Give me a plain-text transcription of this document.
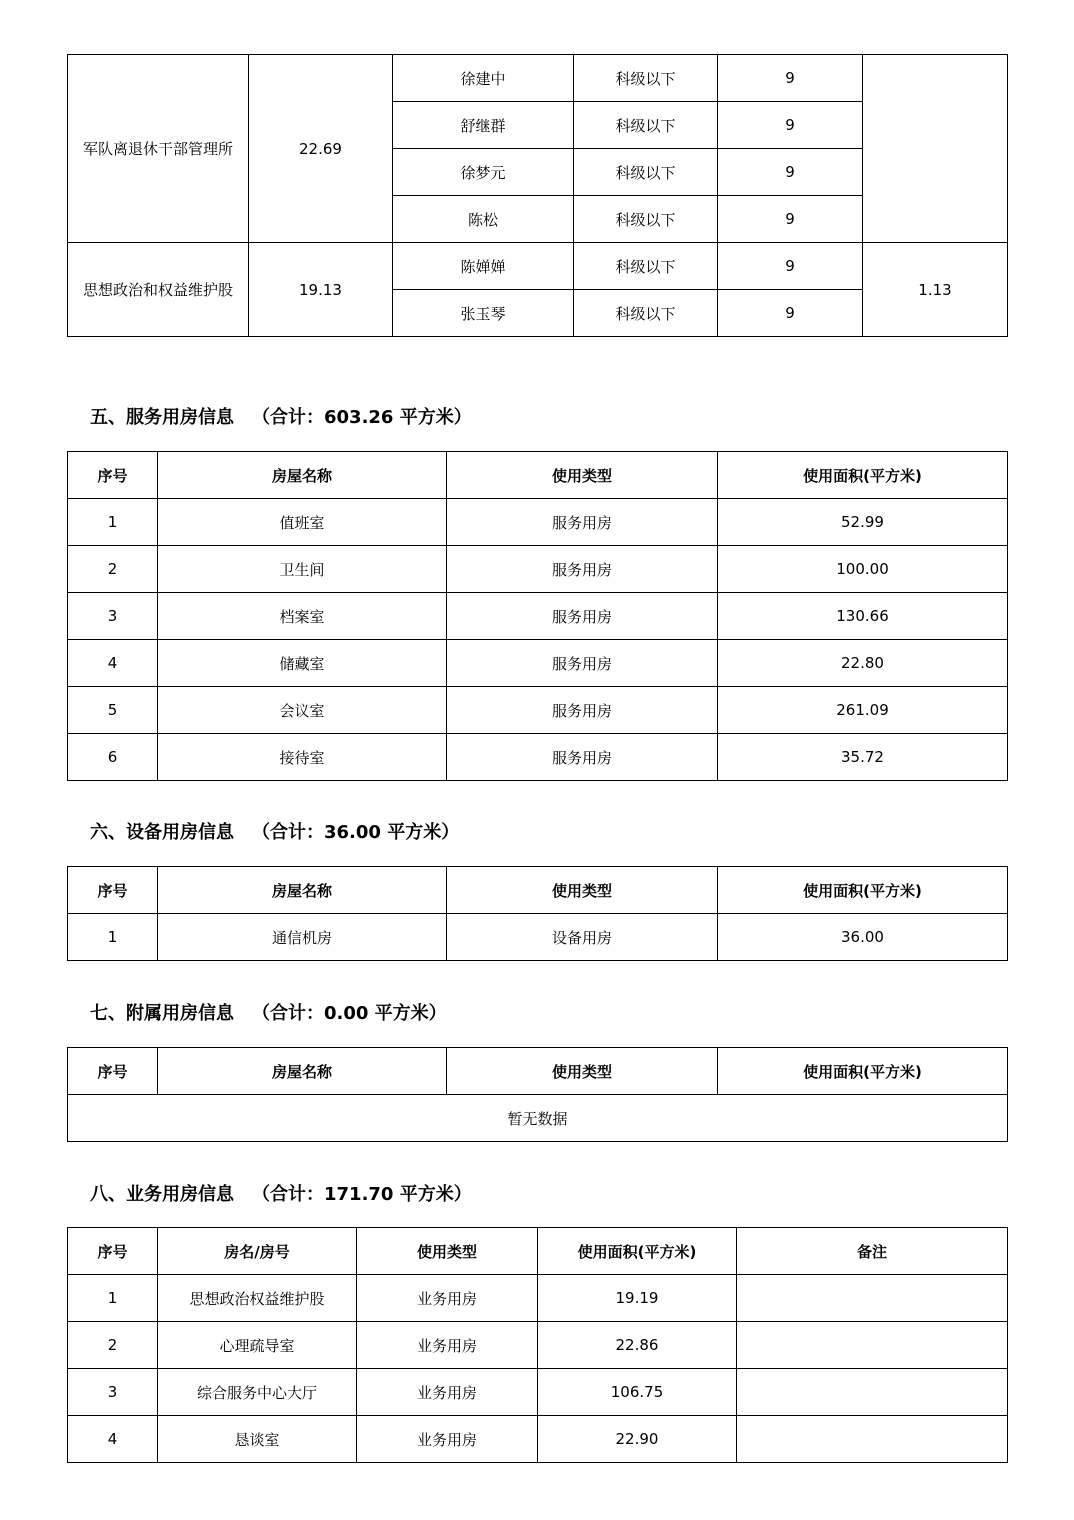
军队离退休干部管理所	22.69	徐建中	科级以下	9	
		舒继群	科级以下	9	
		徐梦元	科级以下	9	
		陈松	科级以下	9	
思想政治和权益维护股	19.13	陈婵婵	科级以下	9	1.13
		张玉琴	科级以下	9	
五、服务用房信息 （合计：603.26 平方米）
序号	房屋名称	使用类型	使用面积(平方米)
1	值班室	服务用房	52.99
2	卫生间	服务用房	100.00
3	档案室	服务用房	130.66
4	储藏室	服务用房	22.80
5	会议室	服务用房	261.09
6	接待室	服务用房	35.72
六、设备用房信息 （合计：36.00 平方米）
序号	房屋名称	使用类型	使用面积(平方米)
1	通信机房	设备用房	36.00
七、附属用房信息 （合计：0.00 平方米）
序号	房屋名称	使用类型	使用面积(平方米)
暂无数据
八、业务用房信息 （合计：171.70 平方米）
序号	房名/房号	使用类型	使用面积(平方米)	备注
1	思想政治权益维护股	业务用房	19.19	
2	心理疏导室	业务用房	22.86	
3	综合服务中心大厅	业务用房	106.75	
4	恳谈室	业务用房	22.90	
